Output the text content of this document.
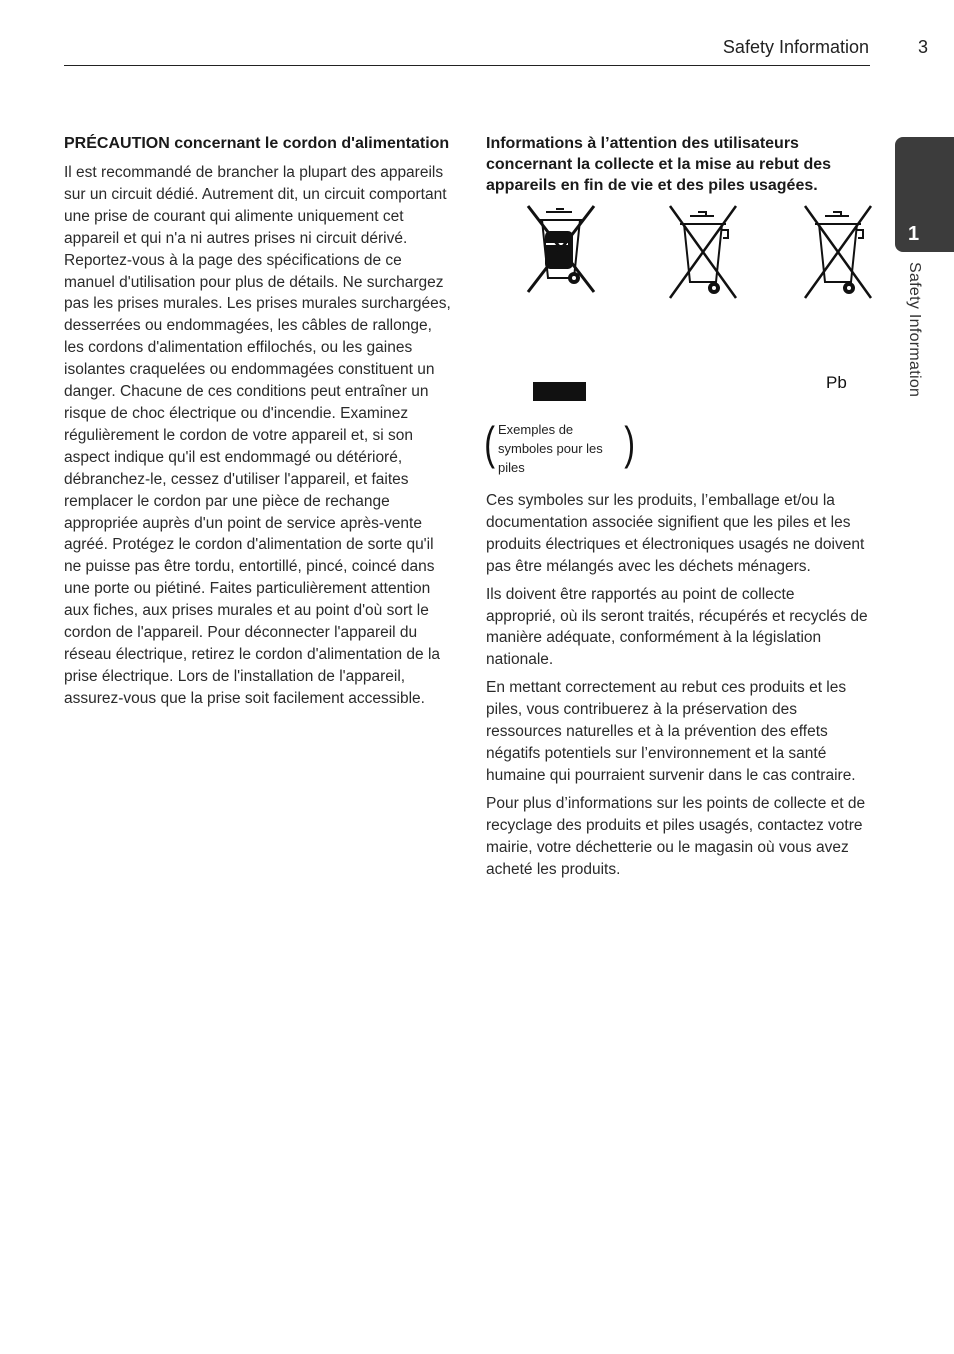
Safety Information	3
1
Safety Information
PRÉCAUTION concernant le cordon d'alimentation

Il est recommandé de brancher la plupart des appareils sur un circuit dédié. Autrement dit, un circuit comportant une prise de courant qui alimente uniquement cet appareil et qui n'a ni autres prises ni circuit dérivé. Reportez-vous à la page des spécifications de ce manuel d'utilisation pour plus de détails. Ne surchargez pas les prises murales. Les prises murales surchargées, desserrées ou endommagées, les câbles de rallonge, les cordons d'alimentation effilochés, ou les gaines isolantes craquelées ou endommagées constituent un danger. Chacune de ces conditions peut entraîner un risque de choc électrique ou d'incendie. Examinez régulièrement le cordon de votre appareil et, si son aspect indique qu'il est endommagé ou détérioré, débranchez-le, cessez d'utiliser l'appareil, et faites remplacer le cordon par une pièce de rechange appropriée auprès d'un point de service après-vente agréé. Protégez le cordon d'alimentation de sorte qu'il ne puisse pas être tordu, entortillé, pincé, coincé dans une porte ou piétiné. Faites particulièrement attention aux fiches, aux prises murales et au point d'où sort le cordon de l'appareil. Pour déconnecter l'appareil du réseau électrique, retirez le cordon d'alimentation de la prise électrique. Lors de l'installation de l'appareil, assurez-vous que la prise soit facilement accessible.

Informations à l’attention des utilisateurs concernant la collecte et la mise au rebut des appareils en fin de vie et des piles usagées.
Pb
( Exemples de symboles pour les piles	)

Ces symboles sur les produits, l’emballage et/ou la documentation associée signifient que les piles et les produits électriques et électroniques usagés ne doivent pas être mélangés avec les déchets ménagers.

Ils doivent être rapportés au point de collecte approprié, où ils seront traités, récupérés et recyclés de manière adéquate, conformément à la législation nationale.

En mettant correctement au rebut ces produits et les piles, vous contribuerez à la préservation des ressources naturelles et à la prévention des effets négatifs potentiels sur l’environnement et la santé humaine qui pourraient survenir dans le cas contraire.

Pour plus d’informations sur les points de collecte et de recyclage des produits et piles usagés, contactez votre mairie, votre déchetterie ou le magasin où vous avez acheté les produits.
